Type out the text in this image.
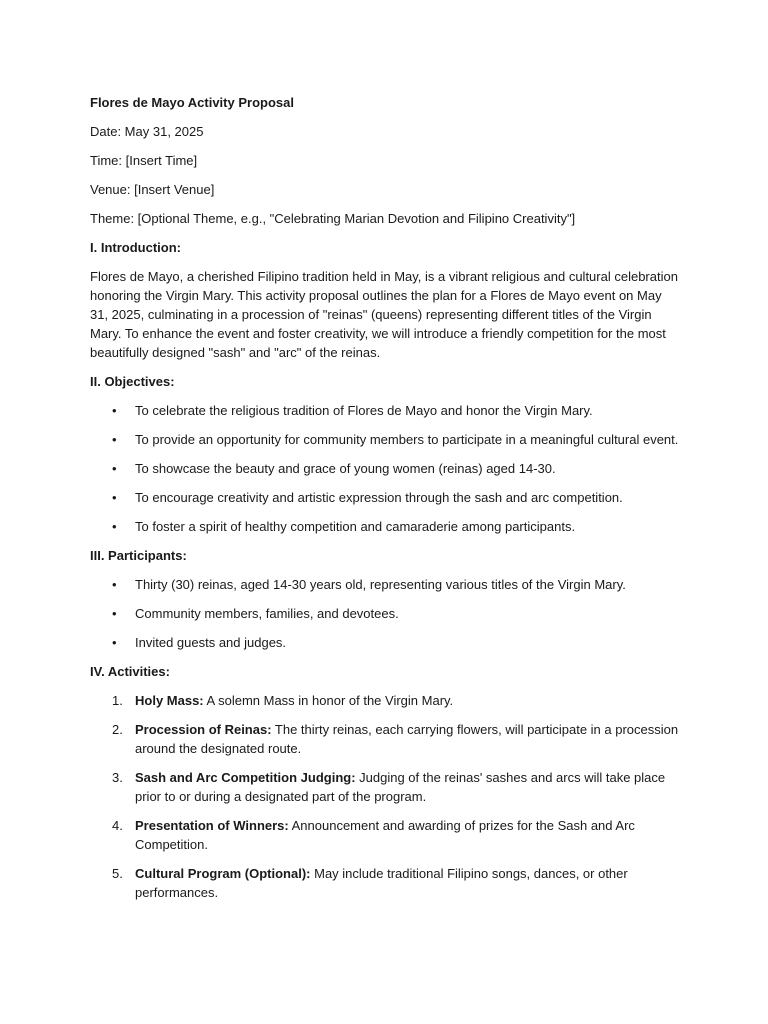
Flores de Mayo Activity Proposal

Date: May 31, 2025

Time: [Insert Time]

Venue: [Insert Venue]

Theme: [Optional Theme, e.g., "Celebrating Marian Devotion and Filipino Creativity"]

I. Introduction:

Flores de Mayo, a cherished Filipino tradition held in May, is a vibrant religious and cultural celebration honoring the Virgin Mary. This activity proposal outlines the plan for a Flores de Mayo event on May 31, 2025, culminating in a procession of "reinas" (queens) representing different titles of the Virgin Mary. To enhance the event and foster creativity, we will introduce a friendly competition for the most beautifully designed "sash" and "arc" of the reinas.

II. Objectives:

• To celebrate the religious tradition of Flores de Mayo and honor the Virgin Mary.
• To provide an opportunity for community members to participate in a meaningful cultural event.
• To showcase the beauty and grace of young women (reinas) aged 14-30.
• To encourage creativity and artistic expression through the sash and arc competition.
• To foster a spirit of healthy competition and camaraderie among participants.

III. Participants:

• Thirty (30) reinas, aged 14-30 years old, representing various titles of the Virgin Mary.
• Community members, families, and devotees.
• Invited guests and judges.

IV. Activities:

1. Holy Mass: A solemn Mass in honor of the Virgin Mary.
2. Procession of Reinas: The thirty reinas, each carrying flowers, will participate in a procession around the designated route.
3. Sash and Arc Competition Judging: Judging of the reinas' sashes and arcs will take place prior to or during a designated part of the program.
4. Presentation of Winners: Announcement and awarding of prizes for the Sash and Arc Competition.
5. Cultural Program (Optional): May include traditional Filipino songs, dances, or other performances.
